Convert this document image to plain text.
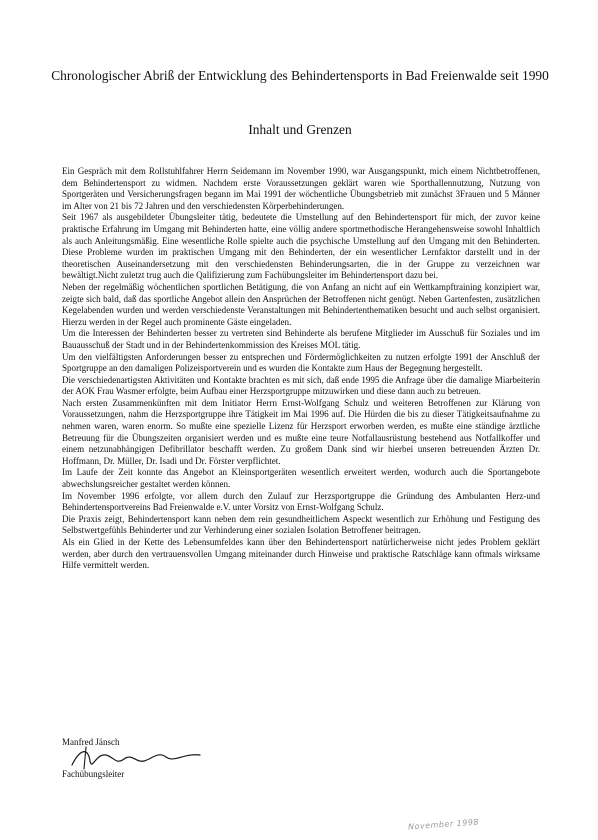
Chronologischer Abriß der Entwicklung des Behindertensports in Bad Freienwalde seit 1990
Inhalt und Grenzen

Ein Gespräch mit dem Rollstuhlfahrer Herrn Seidemann im November 1990, war Ausgangspunkt, mich einem Nichtbetroffenen, dem Behindertensport zu widmen. Nachdem erste Voraussetzungen geklärt waren wie Sporthallennutzung, Nutzung von Sportgeräten und Versicherungsfragen begann im Mai 1991 der wöchentliche Übungsbetrieb mit zunächst 3Frauen und 5 Männer im Alter von 21 bis 72 Jahren und den verschiedensten Körperbehinderungen.

Seit 1967 als ausgebildeter Übungsleiter tätig, bedeutete die Umstellung auf den Behindertensport für mich, der zuvor keine praktische Erfahrung im Umgang mit Behinderten hatte, eine völlig andere sportmethodische Herangehensweise sowohl Inhaltlich als auch Anleitungsmäßig. Eine wesentliche Rolle spielte auch die psychische Umstellung auf den Umgang mit den Behinderten. Diese Probleme wurden im praktischen Umgang mit den Behinderten, der ein wesentlicher Lernfaktor darstellt und in der theoretischen Auseinandersetzung mit den verschiedensten Behinderungsarten, die in der Gruppe zu verzeichnen war bewältigt.Nicht zuletzt trug auch die Qalifizierung zum Fachübungsleiter im Behindertensport dazu bei.

Neben der regelmäßig wöchentlichen sportlichen Betätigung, die von Anfang an nicht auf ein Wettkampftraining konzipiert war, zeigte sich bald, daß das sportliche Angebot allein den Ansprüchen der Betroffenen nicht genügt. Neben Gartenfesten, zusätzlichen Kegelabenden wurden und werden verschiedenste Veranstaltungen mit Behindertenthematiken besucht und auch selbst organisiert. Hierzu werden in der Regel auch prominente Gäste eingeladen.

Um die Interessen der Behinderten besser zu vertreten sind Behinderte als berufene Mitglieder im Ausschuß für Soziales und im Bauausschuß der Stadt und in der Behindertenkommission des Kreises MOL tätig.

Um den vielfältigsten Anforderungen besser zu entsprechen und Fördermöglichkeiten zu nutzen erfolgte 1991 der Anschluß der Sportgruppe an den damaligen Polizeisportverein und es wurden die Kontakte zum Haus der Begegnung hergestellt.

Die verschiedenartigsten Aktivitäten und Kontakte brachten es mit sich, daß ende 1995 die Anfrage über die damalige Miarbeiterin der AOK Frau Wasmer erfolgte, beim Aufbau einer Herzsportgruppe mitzuwirken und diese dann auch zu betreuen.

Nach ersten Zusammenkünften mit dem Initiator Herrn Ernst-Wolfgang Schulz und weiteren Betroffenen zur Klärung von Voraussetzungen, nahm die Herzsportgruppe ihre Tätigkeit im Mai 1996 auf. Die Hürden die bis zu dieser Tätigkeitsaufnahme zu nehmen waren, waren enorm. So mußte eine spezielle Lizenz für Herzsport erworben werden, es mußte eine ständige ärztliche Betreuung für die Übungszeiten organisiert werden und es mußte eine teure Notfallausrüstung bestehend aus Notfallkoffer und einem netzunabhängigen Defibrillator beschafft werden. Zu großem Dank sind wir hierbei unseren betreuenden Ärzten Dr. Hoffmann, Dr. Müller, Dr. Isadi und Dr. Förster verpflichtet.

Im Laufe der Zeit konnte das Angebot an Kleinsportgeräten wesentlich erweitert werden, wodurch auch die Sportangebote abwechslungsreicher gestaltet werden können.

Im November 1996 erfolgte, vor allem durch den Zulauf zur Herzsportgruppe die Gründung des Ambulanten Herz-und Behindertensportvereins Bad Freienwalde e.V. unter Vorsitz von Ernst-Wolfgang Schulz.

Die Praxis zeigt, Behindertensport kann neben dem rein gesundheitlichem Aspeckt wesentlich zur Erhöhung und Festigung des Selbstwertgefühls Behinderter und zur Verhinderung einer sozialen Isolation Betroffener beitragen.

Als ein Glied in der Kette des Lebensumfeldes kann über den Behindertensport natürlicherweise nicht jedes Problem geklärt werden, aber durch den vertrauensvollen Umgang miteinander durch Hinweise und praktische Ratschläge kann oftmals wirksame Hilfe vermittelt werden.

Manfred Jänsch
Fachübungsleiter
November 1998
